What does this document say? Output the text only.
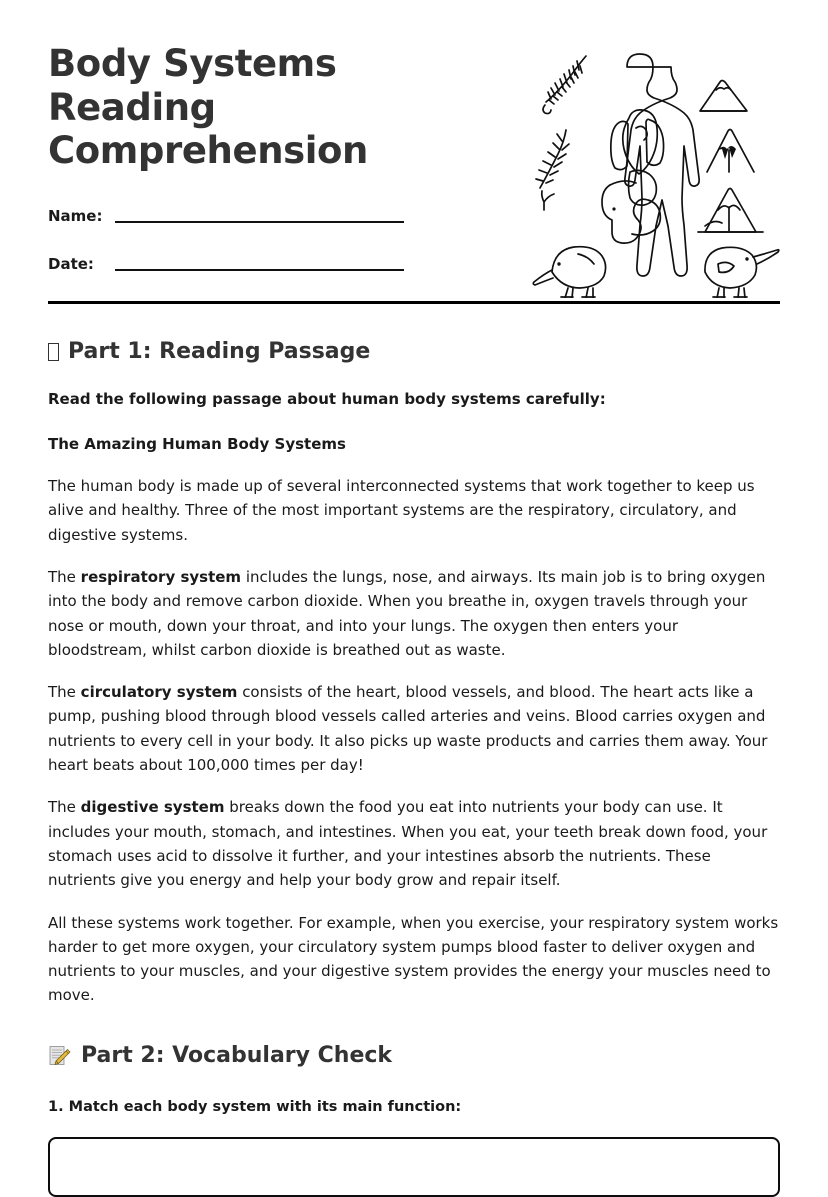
Body Systems Reading Comprehension
Name:
Date:
Part 1: Reading Passage

Read the following passage about human body systems carefully:

The Amazing Human Body Systems

The human body is made up of several interconnected systems that work together to keep us alive and healthy. Three of the most important systems are the respiratory, circulatory, and digestive systems.

The respiratory system includes the lungs, nose, and airways. Its main job is to bring oxygen into the body and remove carbon dioxide. When you breathe in, oxygen travels through your nose or mouth, down your throat, and into your lungs. The oxygen then enters your bloodstream, whilst carbon dioxide is breathed out as waste.

The circulatory system consists of the heart, blood vessels, and blood. The heart acts like a pump, pushing blood through blood vessels called arteries and veins. Blood carries oxygen and nutrients to every cell in your body. It also picks up waste products and carries them away. Your heart beats about 100,000 times per day!

The digestive system breaks down the food you eat into nutrients your body can use. It includes your mouth, stomach, and intestines. When you eat, your teeth break down food, your stomach uses acid to dissolve it further, and your intestines absorb the nutrients. These nutrients give you energy and help your body grow and repair itself.

All these systems work together. For example, when you exercise, your respiratory system works harder to get more oxygen, your circulatory system pumps blood faster to deliver oxygen and nutrients to your muscles, and your digestive system provides the energy your muscles need to move.

Part 2: Vocabulary Check

1. Match each body system with its main function:
